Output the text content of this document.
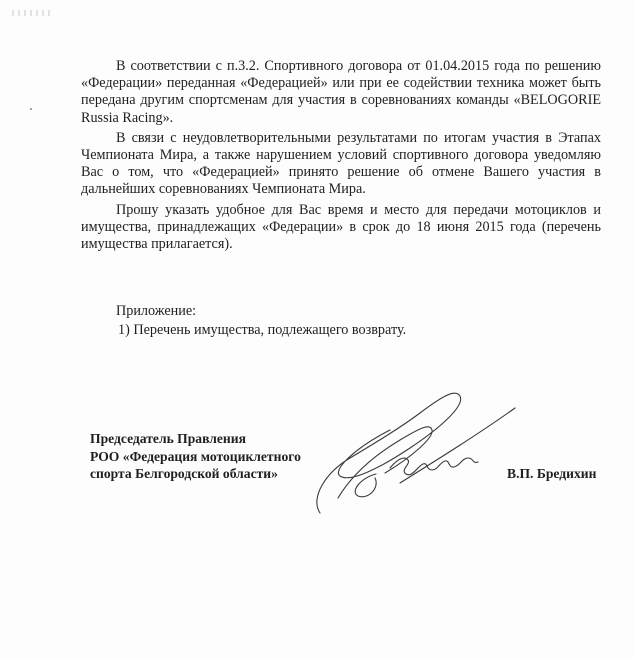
В соответствии с п.3.2. Спортивного договора от 01.04.2015 года по решению «Федерации» переданная «Федерацией» или при ее содействии техника может быть передана другим спортсменам для участия в соревнованиях команды «BELOGORIE Russia Racing».

В связи с неудовлетворительными результатами по итогам участия в Этапах Чемпионата Мира, а также нарушением условий спортивного договора уведомляю Вас о том, что «Федерацией» принято решение об отмене Вашего участия в дальнейших соревнованиях Чемпионата Мира.

Прошу указать удобное для Вас время и место для передачи мотоциклов и имущества, принадлежащих «Федерации» в срок до 18 июня 2015 года (перечень имущества прилагается).

Приложение:
1) Перечень имущества, подлежащего возврату.
Председатель Правления
РОО «Федерация мотоциклетного
спорта Белгородской области»	В.П. Бредихин
